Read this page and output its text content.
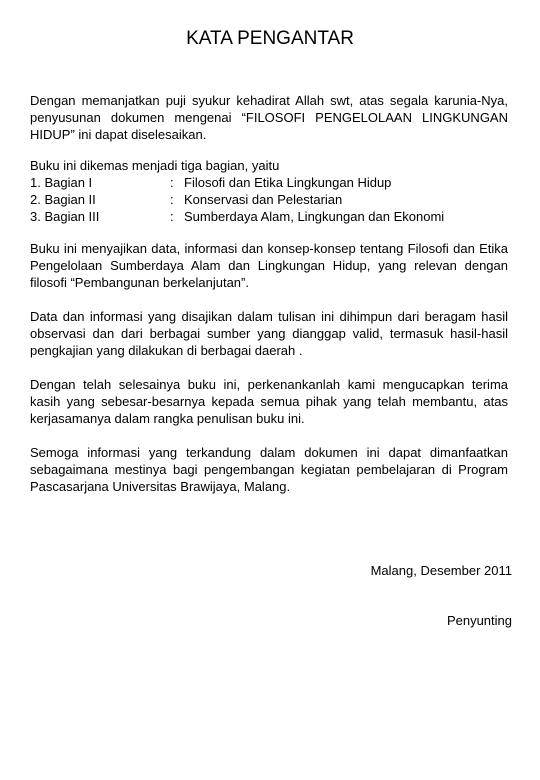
KATA PENGANTAR

Dengan memanjatkan puji syukur kehadirat Allah swt, atas segala karunia-Nya, penyusunan dokumen mengenai “FILOSOFI PENGELOLAAN LINGKUNGAN HIDUP” ini dapat diselesaikan.

Buku ini dikemas menjadi tiga bagian, yaitu

1. Bagian I	: Filosofi dan Etika Lingkungan Hidup
2. Bagian II	: Konservasi dan Pelestarian
3. Bagian III	: Sumberdaya Alam, Lingkungan dan Ekonomi

Buku ini menyajikan data, informasi dan konsep-konsep tentang Filosofi dan Etika Pengelolaan Sumberdaya Alam dan Lingkungan Hidup, yang relevan dengan filosofi “Pembangunan berkelanjutan”.

Data dan informasi yang disajikan dalam tulisan ini dihimpun dari beragam hasil observasi dan dari berbagai sumber yang dianggap valid, termasuk hasil-hasil pengkajian yang dilakukan di berbagai daerah .

Dengan telah selesainya buku ini, perkenankanlah kami mengucapkan terima kasih yang sebesar-besarnya kepada semua pihak yang telah membantu, atas kerjasamanya dalam rangka penulisan buku ini.

Semoga informasi yang terkandung dalam dokumen ini dapat dimanfaatkan sebagaimana mestinya bagi pengembangan kegiatan pembelajaran di Program Pascasarjana Universitas Brawijaya, Malang.

Malang, Desember 2011

Penyunting
